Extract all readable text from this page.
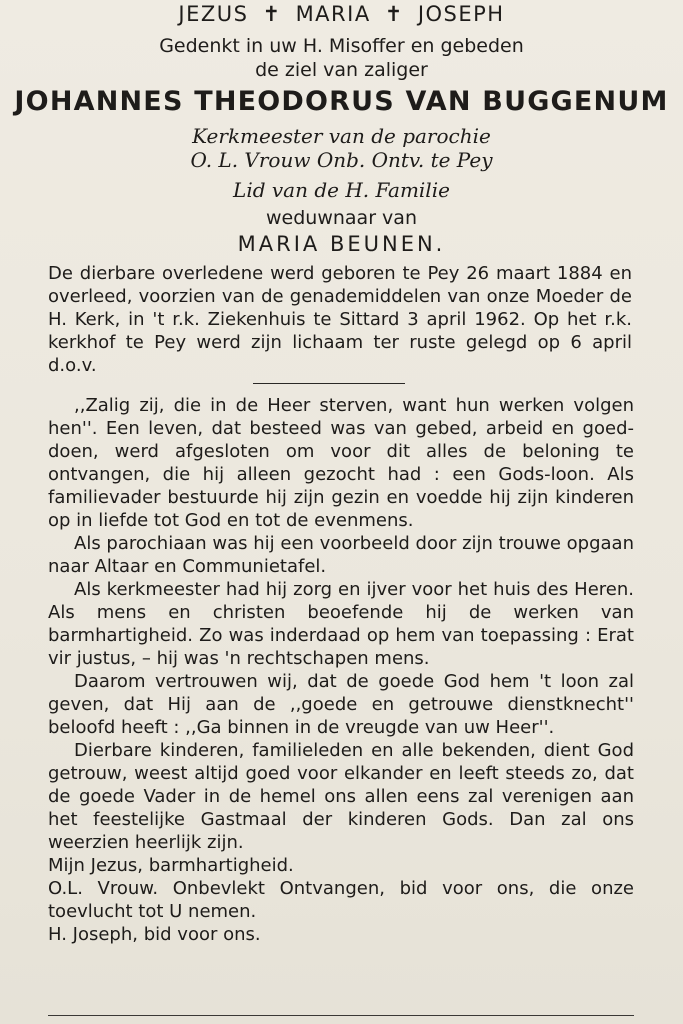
JEZUS ✝ MARIA ✝ JOSEPH
Gedenkt in uw H. Misoffer en gebeden
de ziel van zaliger
JOHANNES THEODORUS VAN BUGGENUM
Kerkmeester van de parochie
O. L. Vrouw Onb. Ontv. te Pey
Lid van de H. Familie
weduwnaar van
MARIA BEUNEN.
De dierbare overledene werd geboren te Pey 26 maart 1884 en overleed, voorzien van de genademiddelen van onze Moeder de H. Kerk, in 't r.k. Ziekenhuis te Sittard 3 april 1962. Op het r.k. kerkhof te Pey werd zijn lichaam ter ruste gelegd op 6 april d.o.v.

,,Zalig zij, die in de Heer sterven, want hun werken volgen hen''. Een leven, dat besteed was van gebed, arbeid en goed-doen, werd afgesloten om voor dit alles de beloning te ontvangen, die hij alleen gezocht had : een Gods-loon. Als familievader bestuurde hij zijn gezin en voedde hij zijn kinderen op in liefde tot God en tot de evenmens.

Als parochiaan was hij een voorbeeld door zijn trouwe opgaan naar Altaar en Communietafel.

Als kerkmeester had hij zorg en ijver voor het huis des Heren. Als mens en christen beoefende hij de werken van barmhartigheid. Zo was inderdaad op hem van toepassing : Erat vir justus, – hij was 'n rechtschapen mens.

Daarom vertrouwen wij, dat de goede God hem 't loon zal geven, dat Hij aan de ,,goede en getrouwe dienstknecht'' beloofd heeft : ,,Ga binnen in de vreugde van uw Heer''.

Dierbare kinderen, familieleden en alle bekenden, dient God getrouw, weest altijd goed voor elkander en leeft steeds zo, dat de goede Vader in de hemel ons allen eens zal verenigen aan het feestelijke Gastmaal der kinderen Gods. Dan zal ons weerzien heerlijk zijn.

Mijn Jezus, barmhartigheid.

O.L. Vrouw. Onbevlekt Ontvangen, bid voor ons, die onze toevlucht tot U nemen.

H. Joseph, bid voor ons.
